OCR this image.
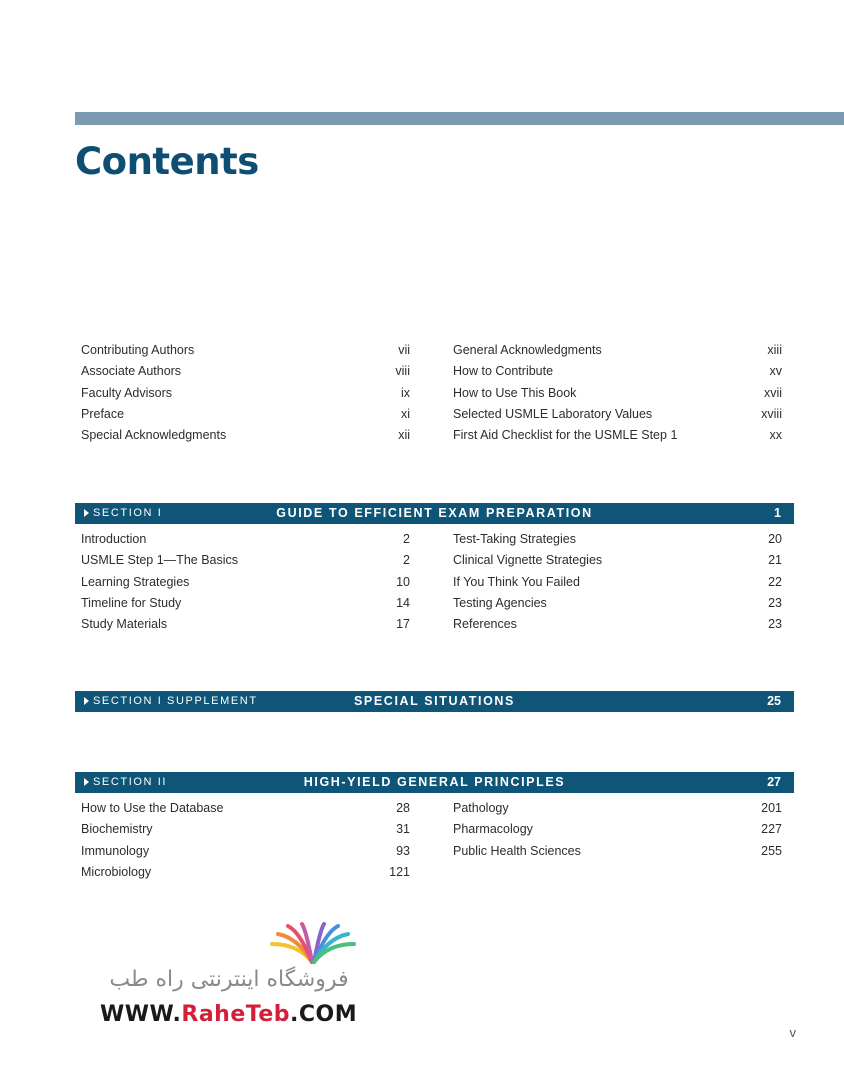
Contents
Contributing Authors	vii
Associate Authors	viii
Faculty Advisors	ix
Preface	xi
Special Acknowledgments	xii
General Acknowledgments	xiii
How to Contribute	xv
How to Use This Book	xvii
Selected USMLE Laboratory Values	xviii
First Aid Checklist for the USMLE Step 1	xx
SECTION I	GUIDE TO EFFICIENT EXAM PREPARATION	1
Introduction	2
USMLE Step 1—The Basics	2
Learning Strategies	10
Timeline for Study	14
Study Materials	17
Test-Taking Strategies	20
Clinical Vignette Strategies	21
If You Think You Failed	22
Testing Agencies	23
References	23
SECTION I SUPPLEMENT	SPECIAL SITUATIONS	25
SECTION II	HIGH-YIELD GENERAL PRINCIPLES	27
How to Use the Database	28
Biochemistry	31
Immunology	93
Microbiology	121
Pathology	201
Pharmacology	227
Public Health Sciences	255
فروشگاه اینترنتی راه طب
WWW.RaheTeb.COM
v
